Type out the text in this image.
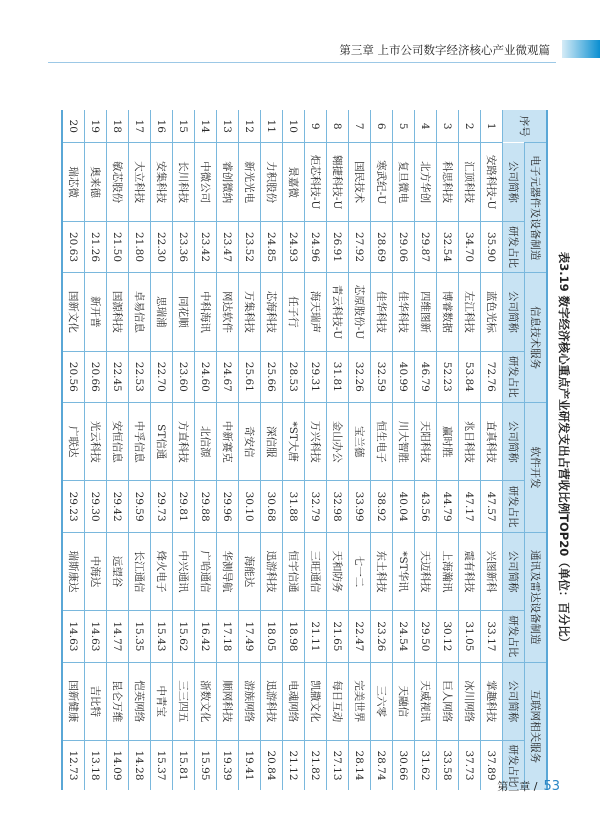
第三章 上市公司数字经济核心产业微观篇
表3.19 数字经济核心重点产业研发支出占营收比例TOP20（单位：百分比）
序号	电子元器件及设备制造		信息技术服务		软件开发		通讯及雷达设备制造		互联网相关服务	
	公司简称	研发占比	公司简称	研发占比	公司简称	研发占比	公司简称	研发占比	公司简称	研发占比
1	安路科技-U	35.90	蓝色光标	72.76	直真科技	47.57	兴图新科	33.17	掌趣科技	37.89
2	汇顶科技	34.70	左江科技	53.84	兆日科技	47.17	震有科技	31.05	冰川网络	37.73
3	科思科技	32.54	博睿数据	52.23	赢时胜	44.79	上海瀚讯	30.12	巨人网络	33.58
4	北方华创	29.87	四维图新	46.79	天阳科技	43.56	天迈科技	29.50	天威视讯	31.62
5	复旦微电	29.06	佳华科技	40.99	川大智胜	40.04	*ST华讯	24.54	天融信	30.66
6	寒武纪-U	28.69	佳华科技	32.59	恒生电子	38.92	东土科技	23.26	三六零	28.74
7	国民技术	27.92	芯原股份-U	32.26	宝兰德	33.99	七一二	22.47	完美世界	28.14
8	翱捷科技-U	26.91	青云科技-U	31.81	金山办公	32.98	天和防务	21.65	每日互动	27.13
9	炬芯科技-U	24.96	海天瑞声	29.31	万兴科技	32.79	三旺通信	21.11	凯撒文化	21.82
10	景嘉微	24.93	任子行	28.53	*ST大唐	31.88	恒宇信通	18.98	电魂网络	21.12
11	力积股份	24.85	芯海科技	25.66	深信服	30.68	迅游科技	18.05	迅游科技	20.84
12	新光光电	23.52	万集科技	25.61	奇安信	30.10	海能达	17.49	游族网络	19.41
13	睿创微纳	23.47	网达软件	24.67	中新赛克	29.96	华测导航	17.18	顺网科技	19.39
14	中微公司	23.42	中科海讯	24.60	北信源	29.88	广哈通信	16.42	浙数文化	15.95
15	长川科技	23.36	同花顺	23.60	方直科技	29.81	中兴通讯	15.62	三三四五	15.81
16	安集科技	22.30	思瑞浦	22.70	ST信通	29.73	烽火电子	15.43	中青宝	15.37
17	大立科技	21.80	卓易信息	22.53	中孚信息	29.59	长江通信	15.35	恺英网络	14.28
18	敏芯股份	21.50	国源科技	22.45	安恒信息	29.42	远望谷	14.77	昆仑万维	14.09
19	奥来德	21.26	新开普	20.66	光云科技	29.30	中海达	14.63	吉比特	13.18
20	瑞芯微	20.63	国新文化	20.56	广联达	29.23	瑞斯康达	14.63	国新健康	12.73
第三章 / 53
